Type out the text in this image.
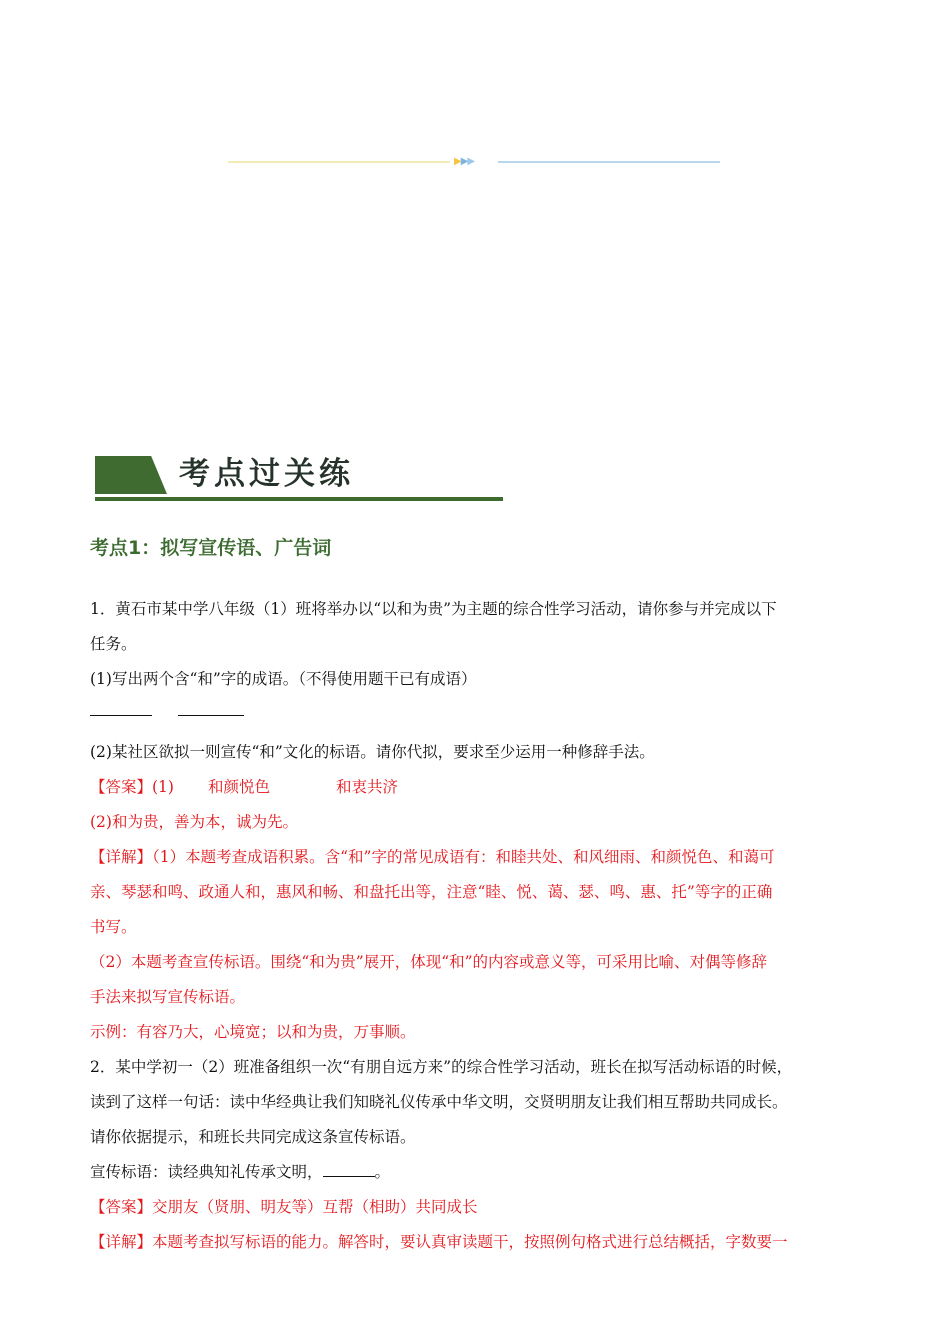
▶▶▶
考点过关练
考点1：拟写宣传语、广告词

1．黄石市某中学八年级（1）班将举办以“以和为贵”为主题的综合性学习活动，请你参与并完成以下

任务。

(1)写出两个含“和”字的成语。（不得使用题干已有成语）

(2)某社区欲拟一则宣传“和”文化的标语。请你代拟，要求至少运用一种修辞手法。

【答案】(1) 和颜悦色	和衷共济

(2)和为贵，善为本，诚为先。

【详解】（1）本题考查成语积累。含“和”字的常见成语有：和睦共处、和风细雨、和颜悦色、和蔼可

亲、琴瑟和鸣、政通人和，惠风和畅、和盘托出等，注意“睦、悦、蔼、瑟、鸣、惠、托”等字的正确

书写。

（2）本题考查宣传标语。围绕“和为贵”展开，体现“和”的内容或意义等，可采用比喻、对偶等修辞

手法来拟写宣传标语。

示例：有容乃大，心境宽；以和为贵，万事顺。

2．某中学初一（2）班准备组织一次“有朋自远方来”的综合性学习活动，班长在拟写活动标语的时候，

读到了这样一句话：读中华经典让我们知晓礼仪传承中华文明，交贤明朋友让我们相互帮助共同成长。

请你依据提示，和班长共同完成这条宣传标语。

宣传标语：读经典知礼传承文明，	。

【答案】交朋友（贤朋、明友等）互帮（相助）共同成长

【详解】本题考查拟写标语的能力。解答时，要认真审读题干，按照例句格式进行总结概括，字数要一
